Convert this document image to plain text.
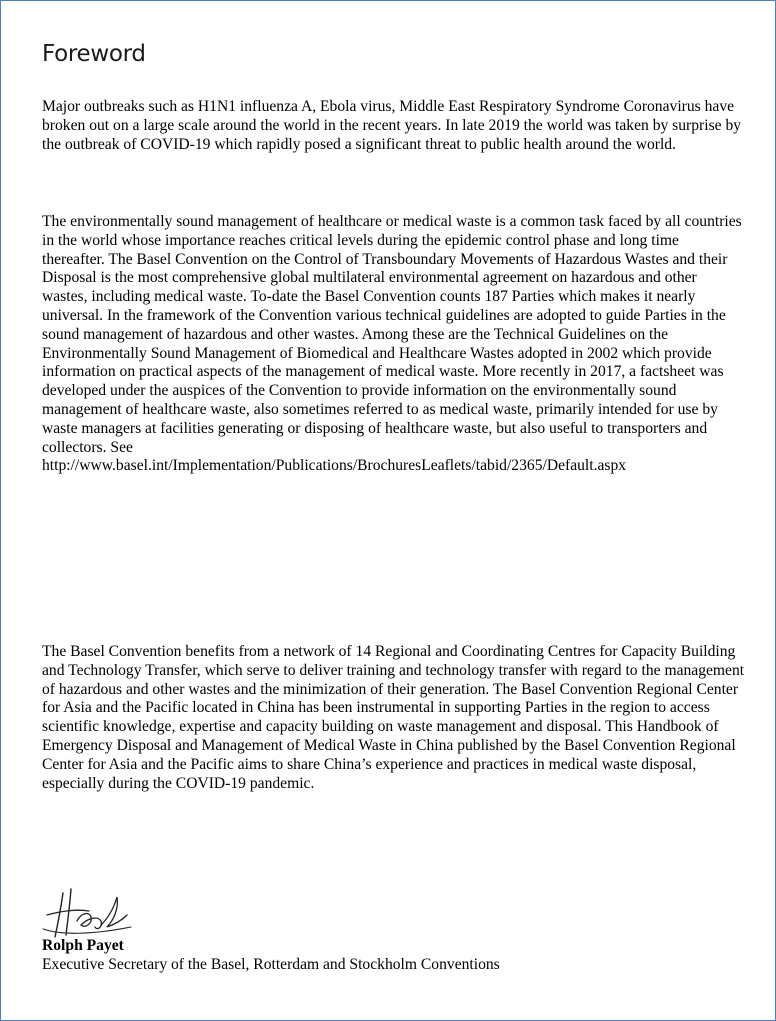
Foreword

Major outbreaks such as H1N1 influenza A, Ebola virus, Middle East Respiratory Syndrome Coronavirus have broken out on a large scale around the world in the recent years. In late 2019 the world was taken by surprise by the outbreak of COVID-19 which rapidly posed a significant threat to public health around the world.

The environmentally sound management of healthcare or medical waste is a common task faced by all countries in the world whose importance reaches critical levels during the epidemic control phase and long time thereafter. The Basel Convention on the Control of Transboundary Movements of Hazardous Wastes and their Disposal is the most comprehensive global multilateral environmental agreement on hazardous and other wastes, including medical waste. To-date the Basel Convention counts 187 Parties which makes it nearly universal. In the framework of the Convention various technical guidelines are adopted to guide Parties in the sound management of hazardous and other wastes. Among these are the Technical Guidelines on the Environmentally Sound Management of Biomedical and Healthcare Wastes adopted in 2002 which provide information on practical aspects of the management of medical waste. More recently in 2017, a factsheet was developed under the auspices of the Convention to provide information on the environmentally sound management of healthcare waste, also sometimes referred to as medical waste, primarily intended for use by waste managers at facilities generating or disposing of healthcare waste, but also useful to transporters and collectors. See
http://www.basel.int/Implementation/Publications/BrochuresLeaflets/tabid/2365/Default.aspx

The Basel Convention benefits from a network of 14 Regional and Coordinating Centres for Capacity Building and Technology Transfer, which serve to deliver training and technology transfer with regard to the management of hazardous and other wastes and the minimization of their generation. The Basel Convention Regional Center for Asia and the Pacific located in China has been instrumental in supporting Parties in the region to access scientific knowledge, expertise and capacity building on waste management and disposal. This Handbook of Emergency Disposal and Management of Medical Waste in China published by the Basel Convention Regional Center for Asia and the Pacific aims to share China’s experience and practices in medical waste disposal, especially during the COVID-19 pandemic.

Rolph Payet
Executive Secretary of the Basel, Rotterdam and Stockholm Conventions
